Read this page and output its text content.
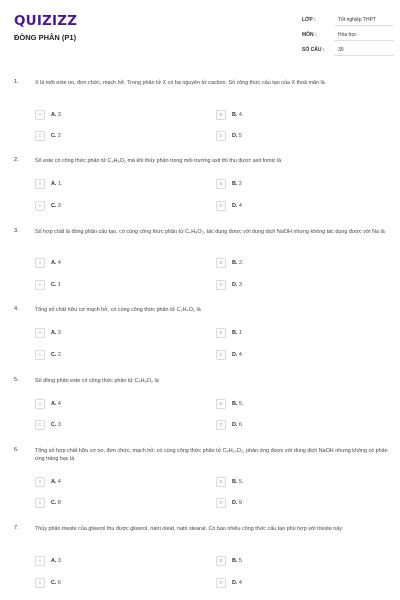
QUIZIZZ
ĐỒNG PHÂN (P1)
LỚP :	Tốt nghiệp THPT
MÔN :	Hóa học
SỐ CÂU :	30
1.	X là một este no, đơn chức, mạch hở. Trong phân tử X có ba nguyên tử cacbon. Số công thức cấu tạo của X thoả mãn là
A	A. 3	B	B. 4.
C	C. 2	D	D. 5
2.	Số este có công thức phân tử C₄H₈O₂ mà khi thủy phân trong môi trường axit thì thu được axit fomic là
A	A. 1.	B	B. 2
C	C. 3	D	D. 4
3.	Số hợp chất là đồng phân cấu tạo, có cùng công thức phân tử C₄H₈O₂, tác dụng được với dung dịch NaOH nhưng không tác dụng được với Na là
A	A. 4	B	B. 2.
C	C. 1	D	D. 3
4.	Tổng số chất hữu cơ mạch hở, có cùng công thức phân tử C₂H₄O₂ là
A	A. 3	B	B. 1
C	C. 2	D	D. 4
5.	Số đồng phân este có công thức phân tử C₄H₈O₂ là
A	A. 4	B	B. 5.
C	C. 3	D	D. 6
6.	Tổng số hợp chất hữu cơ no, đơn chức, mạch hở, có cùng công thức phân tử C₅H₁₀O₂, phản ứng được với dung dịch NaOH nhưng không có phản ứng tráng bạc là
A	A. 4	B	B. 5.
C	C. 8	D	D. 9
7.	Thủy phân trieste của glixerol thu được glixerol, natri oleat, natri stearat. Có bao nhiêu công thức cấu tạo phù hợp với trieste này
A	A. 3	B	B. 5
C	C. 6	D	D. 4
